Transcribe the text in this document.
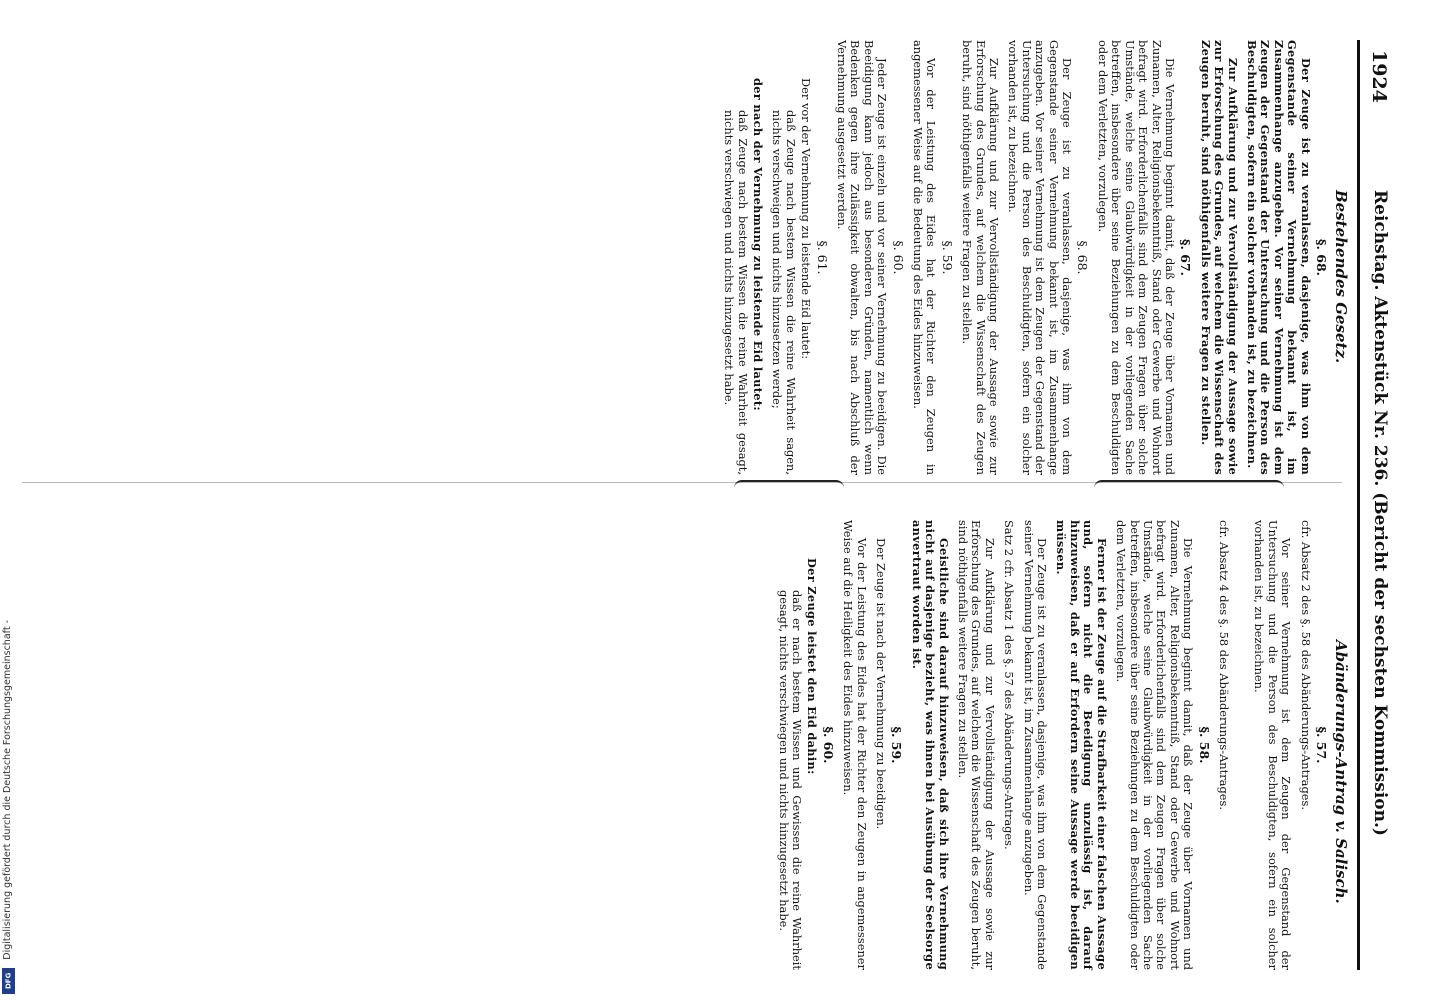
1924
Reichstag. Aktenstück Nr. 236. (Bericht der sechsten Kommission.)
Bestehendes Gesetz.
Abänderungs-Antrag v. Salisch.
§. 68.

Der Zeuge ist zu veranlassen, dasjenige, was ihm von dem Gegenstande seiner Vernehmung bekannt ist, im Zusammenhange anzugeben. Vor seiner Vernehmung ist dem Zeugen der Gegenstand der Untersuchung und die Person des Beschuldigten, sofern ein solcher vorhanden ist, zu bezeichnen.

Zur Aufklärung und zur Vervollständigung der Aussage sowie zur Erforschung des Grundes, auf welchem die Wissenschaft des Zeugen beruht, sind nöthigenfalls weitere Fragen zu stellen.

§. 67.

Die Vernehmung beginnt damit, daß der Zeuge über Vornamen und Zunamen, Alter, Religionsbekenntniß, Stand oder Gewerbe und Wohnort befragt wird. Erforderlichenfalls sind dem Zeugen Fragen über solche Umstände, welche seine Glaubwürdigkeit in der vorliegenden Sache betreffen, insbesondere über seine Beziehungen zu dem Beschuldigten oder dem Verletzten, vorzulegen.

§. 68.

Der Zeuge ist zu veranlassen, dasjenige, was ihm von dem Gegenstande seiner Vernehmung bekannt ist, im Zusammenhange anzugeben. Vor seiner Vernehmung ist dem Zeugen der Gegenstand der Untersuchung und die Person des Beschuldigten, sofern ein solcher vorhanden ist, zu bezeichnen.

Zur Aufklärung und zur Vervollständigung der Aussage sowie zur Erforschung des Grundes, auf welchem die Wissenschaft des Zeugen beruht, sind nöthigenfalls weitere Fragen zu stellen.

§. 59.

Vor der Leistung des Eides hat der Richter den Zeugen in angemessener Weise auf die Bedeutung des Eides hinzuweisen.

§. 60.

Jeder Zeuge ist einzeln und vor seiner Vernehmung zu beeidigen. Die Beeidigung kann jedoch aus besonderen Gründen, namentlich wenn Bedenken gegen ihre Zulässigkeit obwalten, bis nach Abschluß der Vernehmung ausgesetzt werden.

§. 61.

Der vor der Vernehmung zu leistende Eid lautet:

daß Zeuge nach bestem Wissen die reine Wahrheit sagen, nichts verschweigen und nichts hinzusetzen werde;

der nach der Vernehmung zu leistende Eid lautet:

daß Zeuge nach bestem Wissen die reine Wahrheit gesagt, nichts verschwiegen und nichts hinzugesetzt habe.

§. 57.

cfr. Absatz 2 des §. 58 des Abänderungs-Antrages.

Vor seiner Vernehmung ist dem Zeugen der Gegenstand der Untersuchung und die Person des Beschuldigten, sofern ein solcher vorhanden ist, zu bezeichnen.

cfr. Absatz 4 des §. 58 des Abänderungs-Antrages.

§. 58.

Die Vernehmung beginnt damit, daß der Zeuge über Vornamen und Zunamen, Alter, Religionsbekenntniß, Stand oder Gewerbe und Wohnort befragt wird. Erforderlichenfalls sind dem Zeugen Fragen über solche Umstände, welche seine Glaubwürdigkeit in der vorliegenden Sache betreffen, insbesondere über seine Beziehungen zu dem Beschuldigten oder dem Verletzten, vorzulegen.

Ferner ist der Zeuge auf die Strafbarkeit einer falschen Aussage und, sofern nicht die Beeidigung unzulässig ist, darauf hinzuweisen, daß er auf Erfordern seine Aussage werde beeidigen müssen.

Der Zeuge ist zu veranlassen, dasjenige, was ihm von dem Gegenstande seiner Vernehmung bekannt ist, im Zusammenhange anzugeben.

Satz 2 cfr. Absatz 1 des §. 57 des Abänderungs-Antrages.

Zur Aufklärung und zur Vervollständigung der Aussage sowie zur Erforschung des Grundes, auf welchem die Wissenschaft des Zeugen beruht, sind nöthigenfalls weitere Fragen zu stellen.

Geistliche sind darauf hinzuweisen, daß sich ihre Vernehmung nicht auf dasjenige bezieht, was ihnen bei Ausübung der Seelsorge anvertraut worden ist.

§. 59.

Der Zeuge ist nach der Vernehmung zu beeidigen.

Vor der Leistung des Eides hat der Richter den Zeugen in angemessener Weise auf die Heiligkeit des Eides hinzuweisen.

§. 60.

Der Zeuge leistet den Eid dahin:

daß er nach bestem Wissen und Gewissen die reine Wahrheit gesagt, nichts verschwiegen und nichts hinzugesetzt habe.

Digitalisierung gefördert durch die Deutsche Forschungsgemeinschaft -
DFG
